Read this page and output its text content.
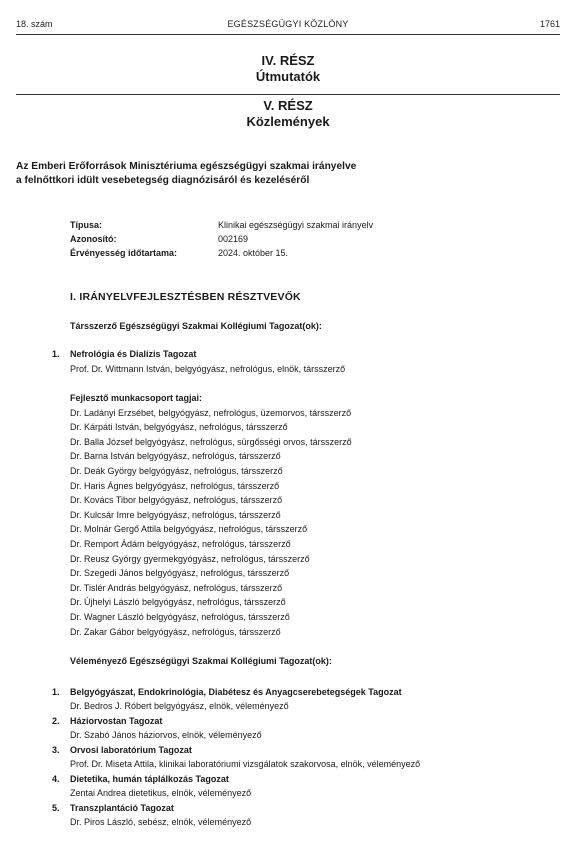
18. szám	EGÉSZSÉGÜGYI KÖZLÖNY	1761
IV. RÉSZ
Útmutatók
V. RÉSZ
Közlemények
Az Emberi Erőforrások Minisztériuma egészségügyi szakmai irányelve
a felnőttkori idült vesebetegség diagnózisáról és kezeléséről
Típusa:	Klinikai egészségügyi szakmai irányelv
Azonosító:	002169
Érvényesség időtartama:	2024. október 15.
I. IRÁNYELVFEJLESZTÉSBEN RÉSZTVEVŐK
Társszerző Egészségügyi Szakmai Kollégiumi Tagozat(ok):
1. Nefrológia és Dialízis Tagozat
Prof. Dr. Wittmann István, belgyógyász, nefrológus, elnök, társszerző
Fejlesztő munkacsoport tagjai:
Dr. Ladányi Erzsébet, belgyógyász, nefrológus, üzemorvos, társszerző
Dr. Kárpáti István, belgyógyász, nefrológus, társszerző
Dr. Balla József belgyógyász, nefrológus, sürgősségi orvos, társszerző
Dr. Barna István belgyógyász, nefrológus, társszerző
Dr. Deák György belgyógyász, nefrológus, társszerző
Dr. Haris Ágnes belgyógyász, nefrológus, társszerző
Dr. Kovács Tibor belgyógyász, nefrológus, társszerző
Dr. Kulcsár Imre belgyógyász, nefrológus, társszerző
Dr. Molnár Gergő Attila belgyógyász, nefrológus, társszerző
Dr. Remport Ádám belgyógyász, nefrológus, társszerző
Dr. Reusz György gyermekgyógyász, nefrológus, társszerző
Dr. Szegedi János belgyógyász, nefrológus, társszerző
Dr. Tislér András belgyógyász, nefrológus, társszerző
Dr. Újhelyi László belgyógyász, nefrológus, társszerző
Dr. Wagner László belgyógyász, nefrológus, társszerző
Dr. Zakar Gábor belgyógyász, nefrológus, társszerző
Véleményező Egészségügyi Szakmai Kollégiumi Tagozat(ok):
1. Belgyógyászat, Endokrinológia, Diabétesz és Anyagcserebetegségek Tagozat
Dr. Bedros J. Róbert belgyógyász, elnök, véleményező
2. Háziorvostan Tagozat
Dr. Szabó János háziorvos, elnök, véleményező
3. Orvosi laboratórium Tagozat
Prof. Dr. Miseta Attila, klinikai laboratóriumi vizsgálatok szakorvosa, elnök, véleményező
4. Dietetika, humán táplálkozás Tagozat
Zentai Andrea dietetikus, elnök, véleményező
5. Transzplantáció Tagozat
Dr. Piros László, sebész, elnök, véleményező
